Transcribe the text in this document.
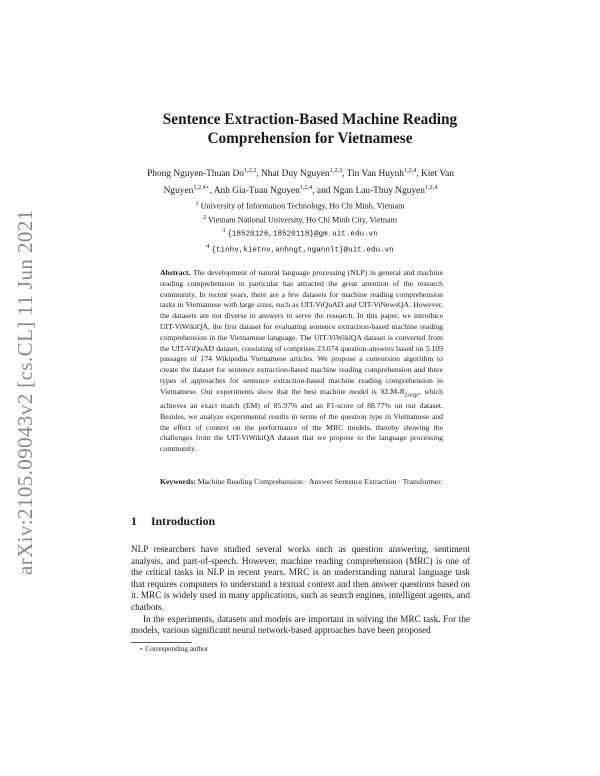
arXiv:2105.09043v2 [cs.CL] 11 Jun 2021
Sentence Extraction-Based Machine Reading
Comprehension for Vietnamese
Phong Nguyen-Thuan Do$^{1,2,3}$, Nhat Duy Nguyen$^{1,2,3}$, Tin Van Huynh$^{1,2,4}$, Kiet Van Nguyen$^{1,2,4⋆}$, Anh Gia-Tuan Nguyen$^{1,2,4}$, and Ngan Lau-Thuy Nguyen$^{1,2,4}$
$^1$ University of Information Technology, Ho Chi Minh, Vietnam
$^2$ Vietnam National University, Ho Chi Minh City, Vietnam
$^3$ {18520126,18520118}@gm.uit.edu.vn
$^4$ {tinhv,kietnv,anhngt,ngannlt}@uit.edu.vn
Abstract. The development of natural language processing (NLP) in general and machine reading comprehension in particular has attracted the great attention of the research community. In recent years, there are a few datasets for machine reading comprehension tasks in Vietnamese with large sizes, such as UIT-ViQuAD and UIT-ViNewsQA. However, the datasets are not diverse in answers to serve the research. In this paper, we introduce UIT-ViWikiQA, the first dataset for evaluating sentence extraction-based machine reading comprehension in the Vietnamese language. The UIT-ViWikiQA dataset is converted from the UIT-ViQuAD dataset, consisting of comprises 23.074 question-answers based on 5.109 passages of 174 Wikipedia Vietnamese articles. We propose a conversion algorithm to create the dataset for sentence extraction-based machine reading comprehension and three types of approaches for sentence extraction-based machine reading comprehension in Vietnamese. Our experiments show that the best machine model is XLM-$R_{Large}$, which achieves an exact match (EM) of 85.97% and an F1-score of 88.77% on our dataset. Besides, we analyze experimental results in terms of the question type in Vietnamese and the effect of context on the performance of the MRC models, thereby showing the challenges from the UIT-ViWikiQA dataset that we propose to the language processing community.
Keywords: Machine Reading Comprehension · Answer Sentence Extraction · Transformer.
1 Introduction

NLP researchers have studied several works such as question answering, sentiment analysis, and part-of-speech. However, machine reading comprehension (MRC) is one of the critical tasks in NLP in recent years. MRC is an understanding natural language task that requires computers to understand a textual context and then answer questions based on it. MRC is widely used in many applications, such as search engines, intelligent agents, and chatbots.

In the experiments, datasets and models are important in solving the MRC task. For the models, various significant neural network-based approaches have been proposed

⋆ Corresponding author
